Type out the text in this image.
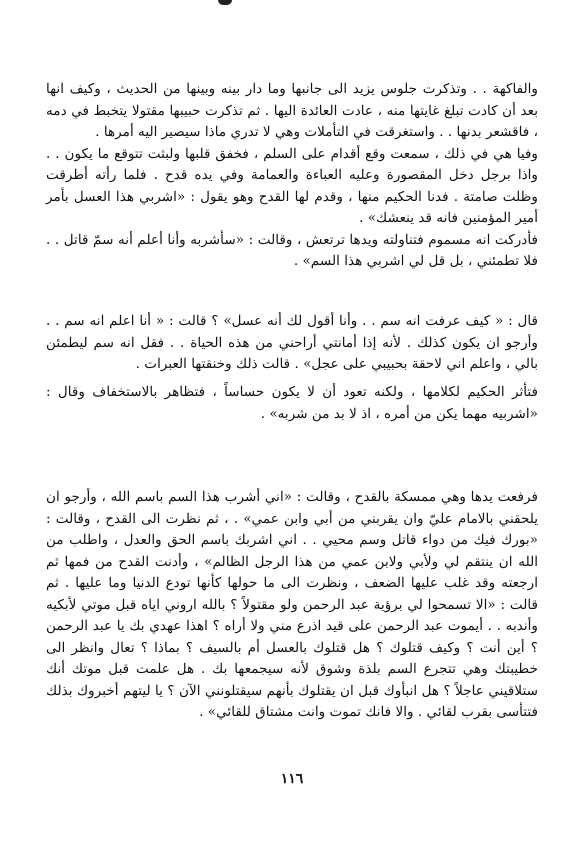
والفاكهة . . وتذكرت جلوس يزيد الى جانبها وما دار بينه وبينها من الحديث ، وكيف انها بعد أن كادت تبلغ غايتها منه ، عادت العائدة اليها . ثم تذكرت حبيبها مقتولا يتخبط في دمه ، فاقشعر بدنها . . واستغرقت في التأملات وهي لا تدري ماذا سيصير اليه أمرها .

وفيا هي في ذلك ، سمعت وقع أقدام على السلم ، فخفق قلبها ولبثت تتوقع ما يكون . . واذا برجل دخل المقصورة وعليه العباءة والعمامة وفي يده قدح . فلما رأته أطرقت وظلت صامتة . فدنا الحكيم منها ، وقدم لها القدح وهو يقول : «اشربي هذا العسل بأمر أمير المؤمنين فانه قد ينعشك» .

فأدركت انه مسموم فتناولته ويدها ترتعش ، وقالت : «سأشربه وأنا أعلم أنه سمّ قاتل . . فلا تطمئني ، بل قل لي اشربي هذا السم» .

قال : « كيف عرفت انه سم . . وأنا أقول لك أنه عسل» ؟ قالت : « أنا اعلم انه سم . . وأرجو ان يكون كذلك . لأنه إذا أمانتي أراحني من هذه الحياة . . فقل انه سم ليطمئن بالي ، واعلم اني لاحقة بحبيبي على عجل» . قالت ذلك وخنقتها العبرات .

فتأثر الحكيم لكلامها ، ولكنه تعود أن لا يكون حساساً ، فتظاهر بالاستخفاف وقال : «اشربيه مهما يكن من أمره ، اذ لا بد من شربه» .

فرفعت يدها وهي ممسكة بالقدح ، وقالت : «اني أشرب هذا السم باسم الله ، وأرجو ان يلحقني بالامام عليّ وان يقربني من أبي وابن عمي» . ، ثم نظرت الى القدح ، وقالت : «بورك فيك من دواء قاتل وسم محيي . . اني اشربك باسم الحق والعدل ، واطلب من الله ان ينتقم لي ولأبي ولابن عمي من هذا الرجل الظالم» ، وأدنت القدح من فمها ثم ارجعته وقد غلب عليها الضعف ، ونظرت الى ما حولها كأنها تودع الدنيا وما عليها . ثم قالت : «الا تسمحوا لي برؤية عبد الرحمن ولو مقتولاً ؟ بالله اروني اياه قبل موتي لأبكيه وأندبه . . أيموت عبد الرحمن على قيد اذرع مني ولا أراه ؟ اهذا عهدي بك يا عبد الرحمن ؟ أين أنت ؟ وكيف قتلوك ؟ هل قتلوك بالعسل أم بالسيف ؟ بماذا ؟ تعال وانظر الى خطيبتك وهي تتجرع السم بلذة وشوق لأنه سيجمعها بك . هل علمت قبل موتك أنك ستلاقيني عاجلاً ؟ هل انبأوك قبل ان يقتلوك بأنهم سيقتلونني الآن ؟ يا ليتهم أخبروك بذلك فتتأسى بقرب لقائي . والا فانك تموت وانت مشتاق للقائي» .

١١٦
